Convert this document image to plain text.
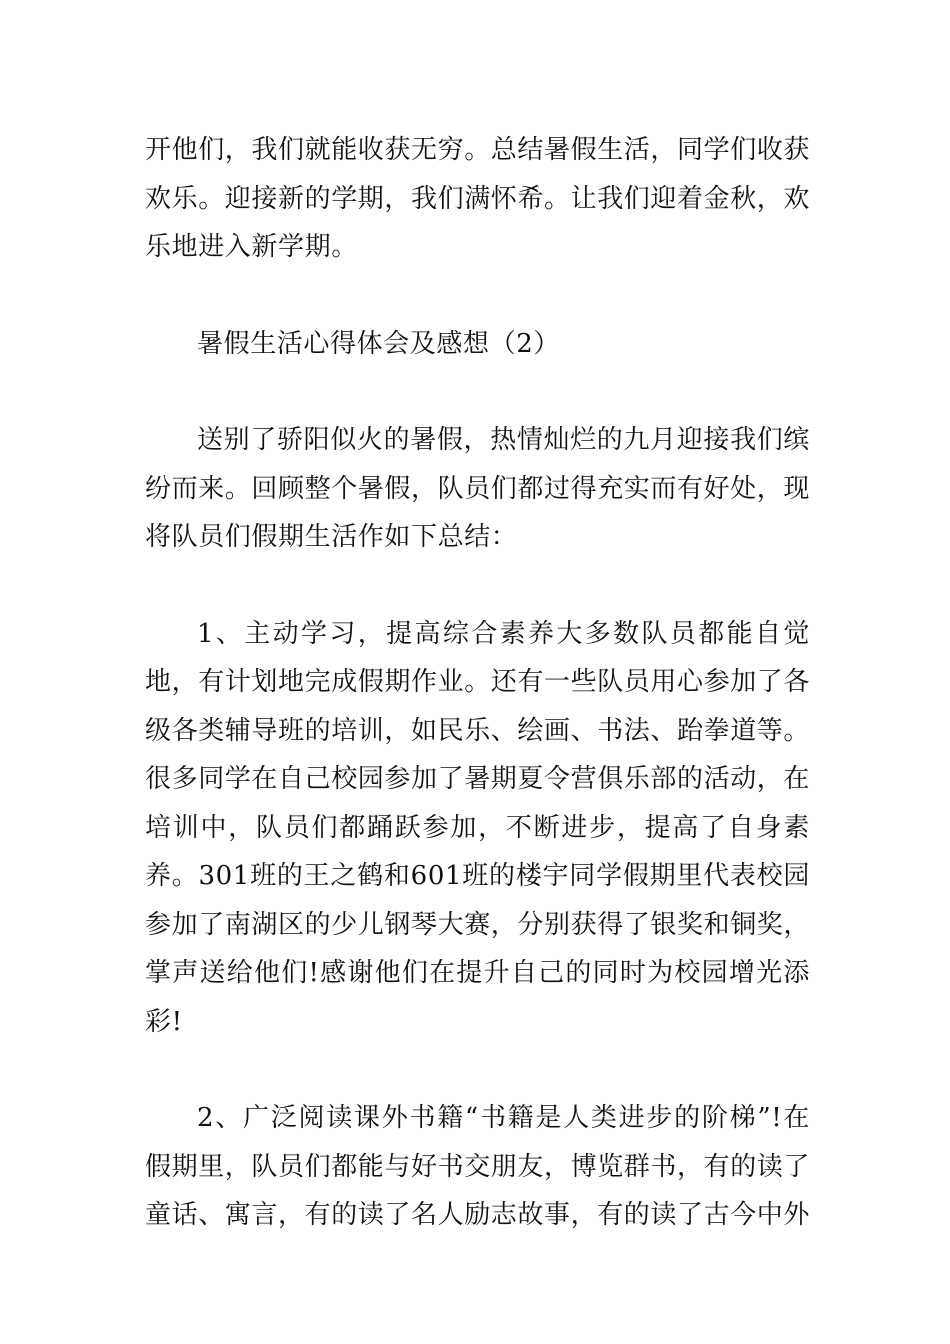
开他们，我们就能收获无穷。总结暑假生活，同学们收获欢乐。迎接新的学期，我们满怀希。让我们迎着金秋，欢乐地进入新学期。

暑假生活心得体会及感想（2）

送别了骄阳似火的暑假，热情灿烂的九月迎接我们缤纷而来。回顾整个暑假，队员们都过得充实而有好处，现将队员们假期生活作如下总结：

1、主动学习，提高综合素养大多数队员都能自觉地，有计划地完成假期作业。还有一些队员用心参加了各级各类辅导班的培训，如民乐、绘画、书法、跆拳道等。很多同学在自己校园参加了暑期夏令营俱乐部的活动，在培训中，队员们都踊跃参加，不断进步，提高了自身素养。301班的王之鹤和601班的楼宇同学假期里代表校园参加了南湖区的少儿钢琴大赛，分别获得了银奖和铜奖，掌声送给他们!感谢他们在提升自己的同时为校园增光添彩!

2、广泛阅读课外书籍“书籍是人类进步的阶梯”!在假期里，队员们都能与好书交朋友，博览群书，有的读了童话、寓言，有的读了名人励志故事，有的读了古今中外
